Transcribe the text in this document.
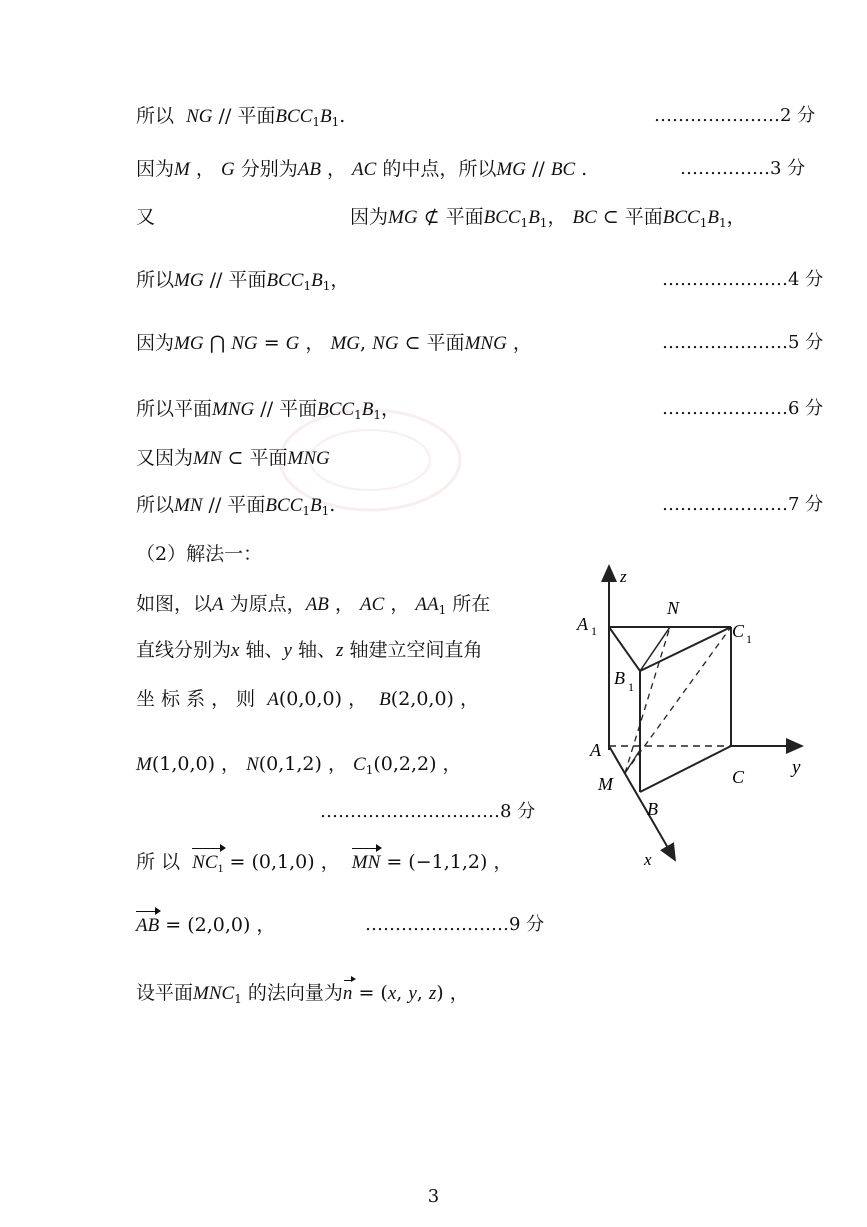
所以 NG // 平面$BCC_1B_1$.	…………………2 分
因为M ， G 分别为AB ， AC 的中点，所以MG // BC .	……………3 分
又	因为MG ⊄ 平面$BCC_1B_1$， BC ⊂ 平面$BCC_1B_1$，
所以MG // 平面$BCC_1B_1$，	…………………4 分
因为MG ⋂ NG = G ， MG, NG ⊂ 平面MNG ，	…………………5 分
所以平面MNG // 平面$BCC_1B_1$，	…………………6 分
又因为MN ⊂ 平面MNG
所以MN // 平面$BCC_1B_1$.	…………………7 分
（2）解法一：
如图，以A 为原点，AB ， AC ， $AA_1$ 所在
直线分别为x 轴、y 轴、z 轴建立空间直角
坐 标 系 ， 则 A(0,0,0) ，  B(2,0,0) ，
M(1,0,0) ， N(0,1,2) ， $C_1(0,2,2)$ ，
…………………………8 分
所 以 $NC_1 = (0,1,0)$ ，  MN = (−1,1,2) ，
AB = (2,0,0) ，	……………………9 分
设平面$MNC_1$ 的法向量为n = (x, y, z) ，
z
y
x
A 1
N
C 1
B 1
A
M	C
B
3
